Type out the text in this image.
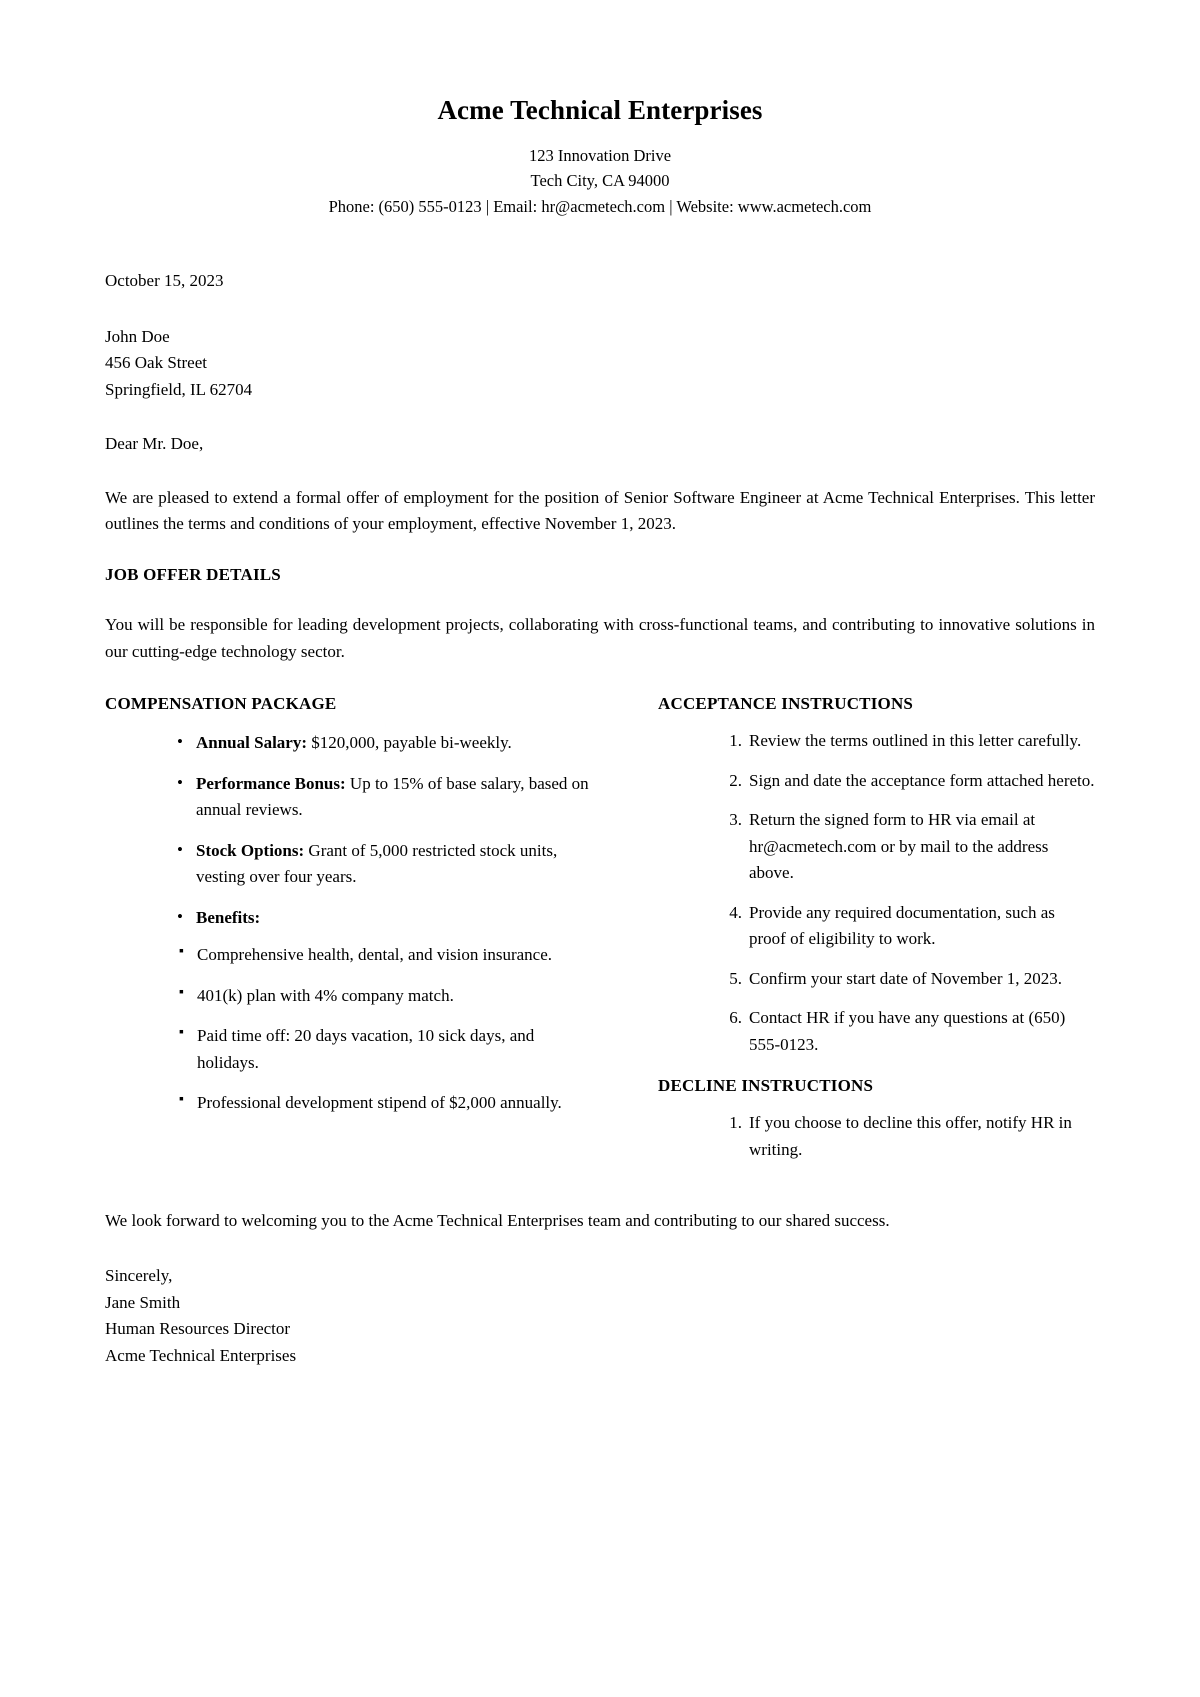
Acme Technical Enterprises
123 Innovation Drive
Tech City, CA 94000
Phone: (650) 555-0123 | Email: hr@acmetech.com | Website: www.acmetech.com
October 15, 2023
John Doe
456 Oak Street
Springfield, IL 62704
Dear Mr. Doe,
We are pleased to extend a formal offer of employment for the position of Senior Software Engineer at Acme Technical Enterprises. This letter outlines the terms and conditions of your employment, effective November 1, 2023.
JOB OFFER DETAILS
You will be responsible for leading development projects, collaborating with cross-functional teams, and contributing to innovative solutions in our cutting-edge technology sector.
COMPENSATION PACKAGE
• Annual Salary: $120,000, payable bi-weekly.
• Performance Bonus: Up to 15% of base salary, based on annual reviews.
• Stock Options: Grant of 5,000 restricted stock units, vesting over four years.
• Benefits:
▪ Comprehensive health, dental, and vision insurance.
▪ 401(k) plan with 4% company match.
▪ Paid time off: 20 days vacation, 10 sick days, and holidays.
▪ Professional development stipend of $2,000 annually.
ACCEPTANCE INSTRUCTIONS
Review the terms outlined in this letter carefully.
Sign and date the acceptance form attached hereto.
Return the signed form to HR via email at hr@acmetech.com or by mail to the address above.
Provide any required documentation, such as proof of eligibility to work.
Confirm your start date of November 1, 2023.
Contact HR if you have any questions at (650) 555-0123.
DECLINE INSTRUCTIONS
If you choose to decline this offer, notify HR in writing.
We look forward to welcoming you to the Acme Technical Enterprises team and contributing to our shared success.
Sincerely,
Jane Smith
Human Resources Director
Acme Technical Enterprises
